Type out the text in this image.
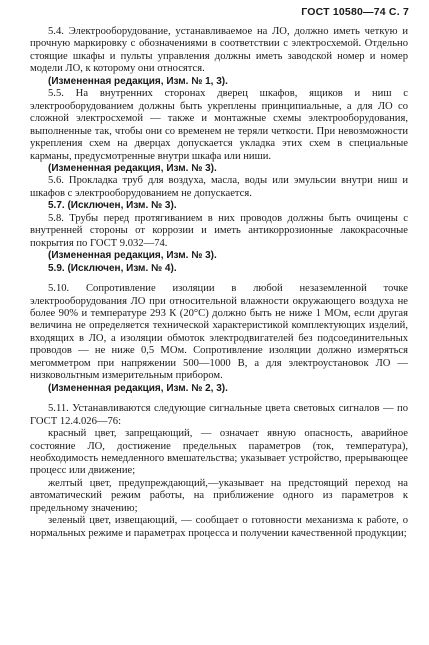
ГОСТ 10580—74 С. 7

5.4. Электрооборудование, устанавливаемое на ЛО, должно иметь четкую и прочную маркировку с обозначениями в соответствии с электросхемой. Отдельно стоящие шкафы и пульты управления должны иметь заводской номер и номер модели ЛО, к которому они относятся.

(Измененная редакция, Изм. № 1, 3).

5.5. На внутренних сторонах дверец шкафов, ящиков и ниш с электрооборудованием должны быть укреплены принципиальные, а для ЛО со сложной электросхемой — также и монтажные схемы электрооборудования, выполненные так, чтобы они со временем не теряли четкости. При невозможности укрепления схем на дверцах допускается укладка этих схем в специальные карманы, предусмотренные внутри шкафа или ниши.

(Измененная редакция, Изм. № 3).

5.6. Прокладка труб для воздуха, масла, воды или эмульсии внутри ниш и шкафов с электрооборудованием не допускается.

5.7. (Исключен, Изм. № 3).

5.8. Трубы перед протягиванием в них проводов должны быть очищены с внутренней стороны от коррозии и иметь антикоррозионные лакокрасочные покрытия по ГОСТ 9.032—74.

(Измененная редакция, Изм. № 3).

5.9. (Исключен, Изм. № 4).

5.10. Сопротивление изоляции в любой незаземленной точке электрооборудования ЛО при относительной влажности окружающего воздуха не более 90% и температуре 293 К (20°С) должно быть не ниже 1 МОм, если другая величина не определяется технической характеристикой комплектующих изделий, входящих в ЛО, а изоляции обмоток электродвигателей без подсоединительных проводов — не ниже 0,5 МОм. Сопротивление изоляции должно измеряться мегомметром при напряжении 500—1000 В, а для электроустановок ЛО — низковольтным измерительным прибором.

(Измененная редакция, Изм. № 2, 3).

5.11. Устанавливаются следующие сигнальные цвета световых сигналов — по ГОСТ 12.4.026—76:

красный цвет, запрещающий, — означает явную опасность, аварийное состояние ЛО, достижение предельных параметров (ток, температура), необходимость немедленного вмешательства; указывает устройство, прерывающее процесс или движение;

желтый цвет, предупреждающий,—указывает на предстоящий переход на автоматический режим работы, на приближение одного из параметров к предельному значению;

зеленый цвет, извещающий, — сообщает о готовности механизма к работе, о нормальных режиме и параметрах процесса и получении качественной продукции;
